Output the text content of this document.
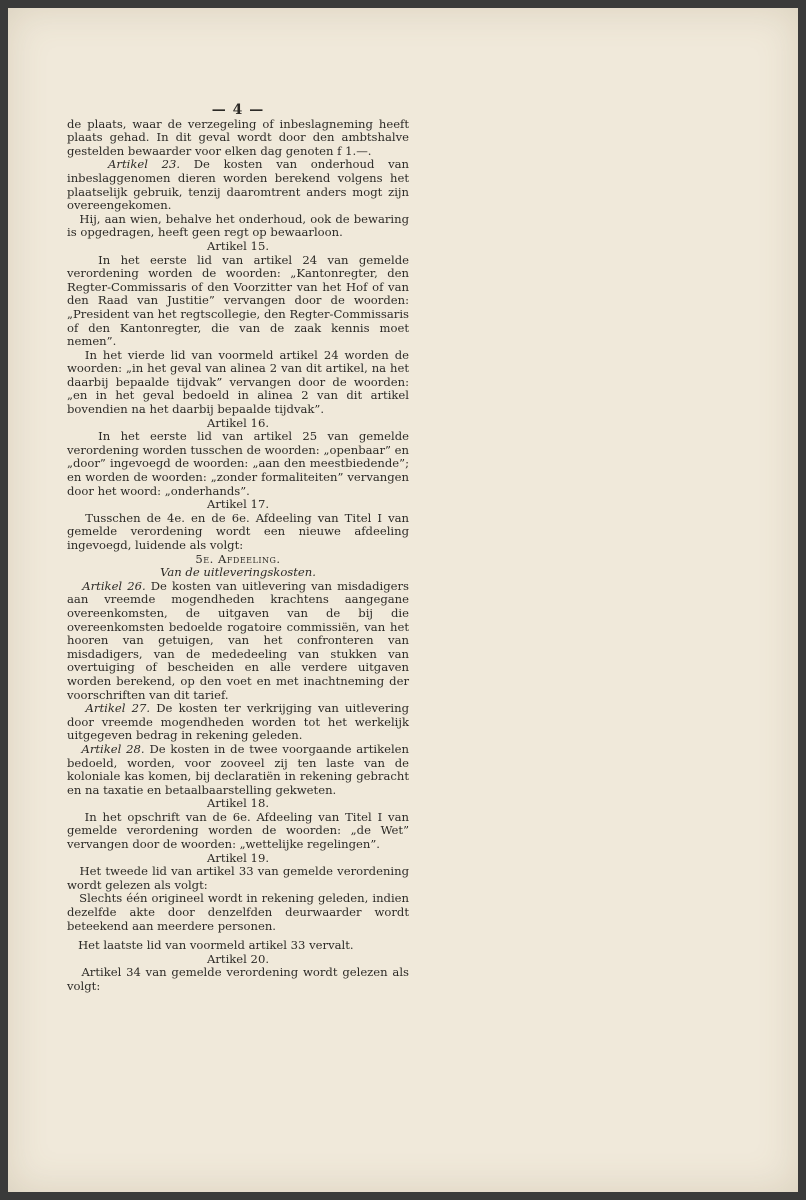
— 4 —

de plaats, waar de verzegeling of inbeslagneming heeft plaats gehad. In dit geval wordt door den ambtshalve gestelden bewaarder voor elken dag genoten f 1.—.

Artikel 23. De kosten van onderhoud van inbeslaggenomen dieren worden berekend volgens het plaatselijk gebruik, tenzij daaromtrent anders mogt zijn overeengekomen.

Hij, aan wien, behalve het onderhoud, ook de bewaring is opgedragen, heeft geen regt op bewaarloon.

Artikel 15.

In het eerste lid van artikel 24 van gemelde verordening worden de woorden: „Kantonregter, den Regter-Commissaris of den Voorzitter van het Hof of van den Raad van Justitie” vervangen door de woorden: „President van het regtscollegie, den Regter-Commissaris of den Kantonregter, die van de zaak kennis moet nemen”.

In het vierde lid van voormeld artikel 24 worden de woorden: „in het geval van alinea 2 van dit artikel, na het daarbij bepaalde tijdvak” vervangen door de woorden: „en in het geval bedoeld in alinea 2 van dit artikel bovendien na het daarbij bepaalde tijdvak”.

Artikel 16.

In het eerste lid van artikel 25 van gemelde verordening worden tusschen de woorden: „openbaar” en „door” ingevoegd de woorden: „aan den meestbiedende”; en worden de woorden: „zonder formaliteiten” vervangen door het woord: „onderhands”.

Artikel 17.

Tusschen de 4e. en de 6e. Afdeeling van Titel I van gemelde verordening wordt een nieuwe afdeeling ingevoegd, luidende als volgt:

5e. Afdeeling.

Van de uitleveringskosten.

Artikel 26. De kosten van uitlevering van misdadigers aan vreemde mogendheden krachtens aangegane overeenkomsten, de uitgaven van de bij die overeenkomsten bedoelde rogatoire commissiën, van het hooren van getuigen, van het confronteren van misdadigers, van de mededeeling van stukken van overtuiging of bescheiden en alle verdere uitgaven worden berekend, op den voet en met inachtneming der voorschriften van dit tarief.

Artikel 27. De kosten ter verkrijging van uitlevering door vreemde mogendheden worden tot het werkelijk uitgegeven bedrag in rekening geleden.

Artikel 28. De kosten in de twee voorgaande artikelen bedoeld, worden, voor zooveel zij ten laste van de koloniale kas komen, bij declaratiën in rekening gebracht en na taxatie en betaalbaarstelling gekweten.

Artikel 18.

In het opschrift van de 6e. Afdeeling van Titel I van gemelde verordening worden de woorden: „de Wet” vervangen door de woorden: „wettelijke regelingen”.

Artikel 19.

Het tweede lid van artikel 33 van gemelde verordening wordt gelezen als volgt:

Slechts één origineel wordt in rekening geleden, indien dezelfde akte door denzelfden deurwaarder wordt beteekend aan meerdere personen.

Het laatste lid van voormeld artikel 33 vervalt.

Artikel 20.

Artikel 34 van gemelde verordening wordt gelezen als volgt:
